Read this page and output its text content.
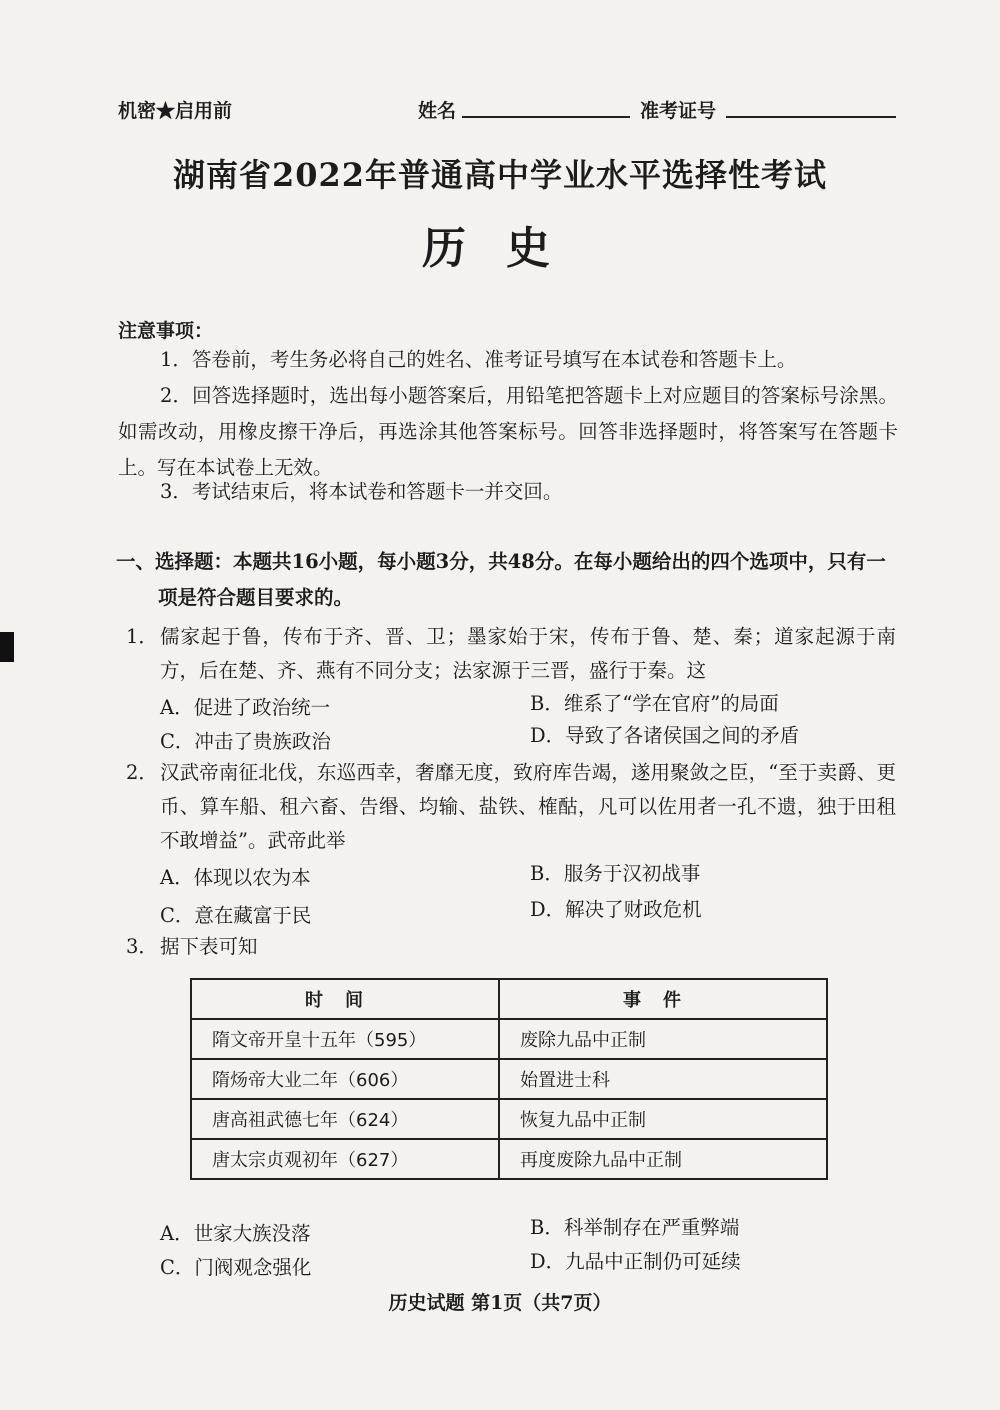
机密★启用前	姓名	准考证号
湖南省2022年普通高中学业水平选择性考试
历史
注意事项：
1．答卷前，考生务必将自己的姓名、准考证号填写在本试卷和答题卡上。
2．回答选择题时，选出每小题答案后，用铅笔把答题卡上对应题目的答案标号涂黑。如需改动，用橡皮擦干净后，再选涂其他答案标号。回答非选择题时，将答案写在答题卡上。写在本试卷上无效。
3．考试结束后，将本试卷和答题卡一并交回。
一、选择题：本题共16小题，每小题3分，共48分。在每小题给出的四个选项中，只有一项是符合题目要求的。
1． 儒家起于鲁，传布于齐、晋、卫；墨家始于宋，传布于鲁、楚、秦；道家起源于南方，后在楚、齐、燕有不同分支；法家源于三晋，盛行于秦。这
A．促进了政治统一	B．维系了“学在官府”的局面
C．冲击了贵族政治	D．导致了各诸侯国之间的矛盾
2． 汉武帝南征北伐，东巡西幸，奢靡无度，致府库告竭，遂用聚敛之臣，“至于卖爵、更币、算车船、租六畜、告缗、均输、盐铁、榷酤，凡可以佐用者一孔不遗，独于田租不敢增益”。武帝此举
A．体现以农为本	B．服务于汉初战事
C．意在藏富于民	D．解决了财政危机
3． 据下表可知
时间	事件
隋文帝开皇十五年（595）	废除九品中正制
隋炀帝大业二年（606）	始置进士科
唐高祖武德七年（624）	恢复九品中正制
唐太宗贞观初年（627）	再度废除九品中正制
A．世家大族没落	B．科举制存在严重弊端
C．门阀观念强化	D．九品中正制仍可延续
历史试题 第1页（共7页）
